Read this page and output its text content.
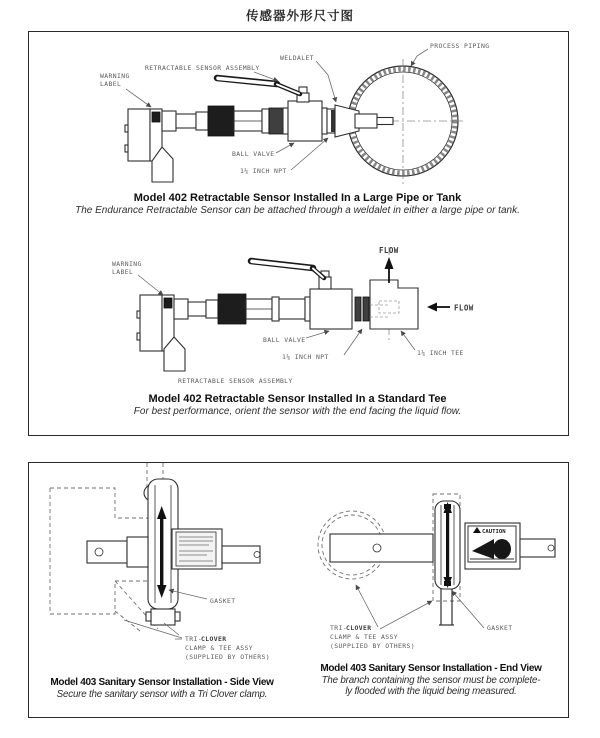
传感器外形尺寸图
WARNING
LABEL
RETRACTABLE SENSOR ASSEMBLY
WELDALET
PROCESS PIPING
BALL VALVE
1¼ INCH NPT
Model 402 Retractable Sensor Installed In a Large Pipe or Tank
The Endurance Retractable Sensor can be attached through a weldalet in either a large pipe or tank.
WARNING
LABEL
FLOW
FLOW
BALL VALVE
1¼ INCH NPT	1¼ INCH TEE
RETRACTABLE SENSOR ASSEMBLY
Model 402 Retractable Sensor Installed In a Standard Tee
For best performance, orient the sensor with the end facing the liquid flow.
GASKET
TRI- CLOVER
CLAMP & TEE ASSY
(SUPPLIED BY OTHERS)
Model 403 Sanitary Sensor Installation - Side View
Secure the sanitary sensor with a Tri Clover clamp.
CAUTION
TRI- CLOVER
CLAMP & TEE ASSY
(SUPPLIED BY OTHERS)
GASKET
Model 403 Sanitary Sensor Installation - End View
The branch containing the sensor must be complete-
ly flooded with the liquid being measured.
